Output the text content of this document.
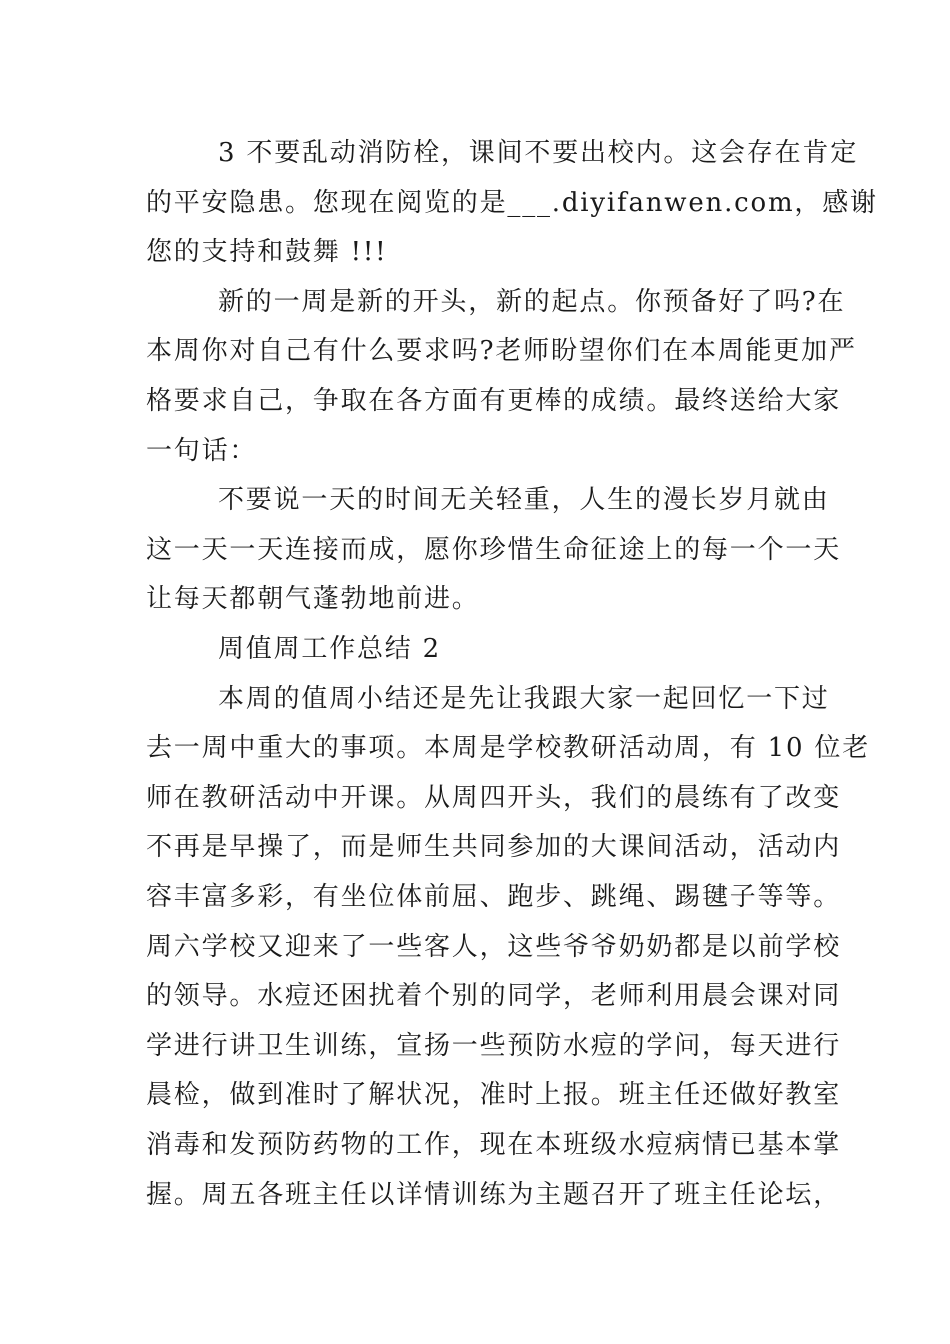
3 不要乱动消防栓，课间不要出校内。这会存在肯定
的平安隐患。您现在阅览的是___.diyifanwen.com，感谢
您的支持和鼓舞 !!!
新的一周是新的开头，新的起点。你预备好了吗?在
本周你对自己有什么要求吗?老师盼望你们在本周能更加严
格要求自己，争取在各方面有更棒的成绩。最终送给大家
一句话：
不要说一天的时间无关轻重，人生的漫长岁月就由
这一天一天连接而成，愿你珍惜生命征途上的每一个一天
让每天都朝气蓬勃地前进。
周值周工作总结 2
本周的值周小结还是先让我跟大家一起回忆一下过
去一周中重大的事项。本周是学校教研活动周，有 10 位老
师在教研活动中开课。从周四开头，我们的晨练有了改变
不再是早操了，而是师生共同参加的大课间活动，活动内
容丰富多彩，有坐位体前屈、跑步、跳绳、踢毽子等等。
周六学校又迎来了一些客人，这些爷爷奶奶都是以前学校
的领导。水痘还困扰着个别的同学，老师利用晨会课对同
学进行讲卫生训练，宣扬一些预防水痘的学问，每天进行
晨检，做到准时了解状况，准时上报。班主任还做好教室
消毒和发预防药物的工作，现在本班级水痘病情已基本掌
握。周五各班主任以详情训练为主题召开了班主任论坛，
